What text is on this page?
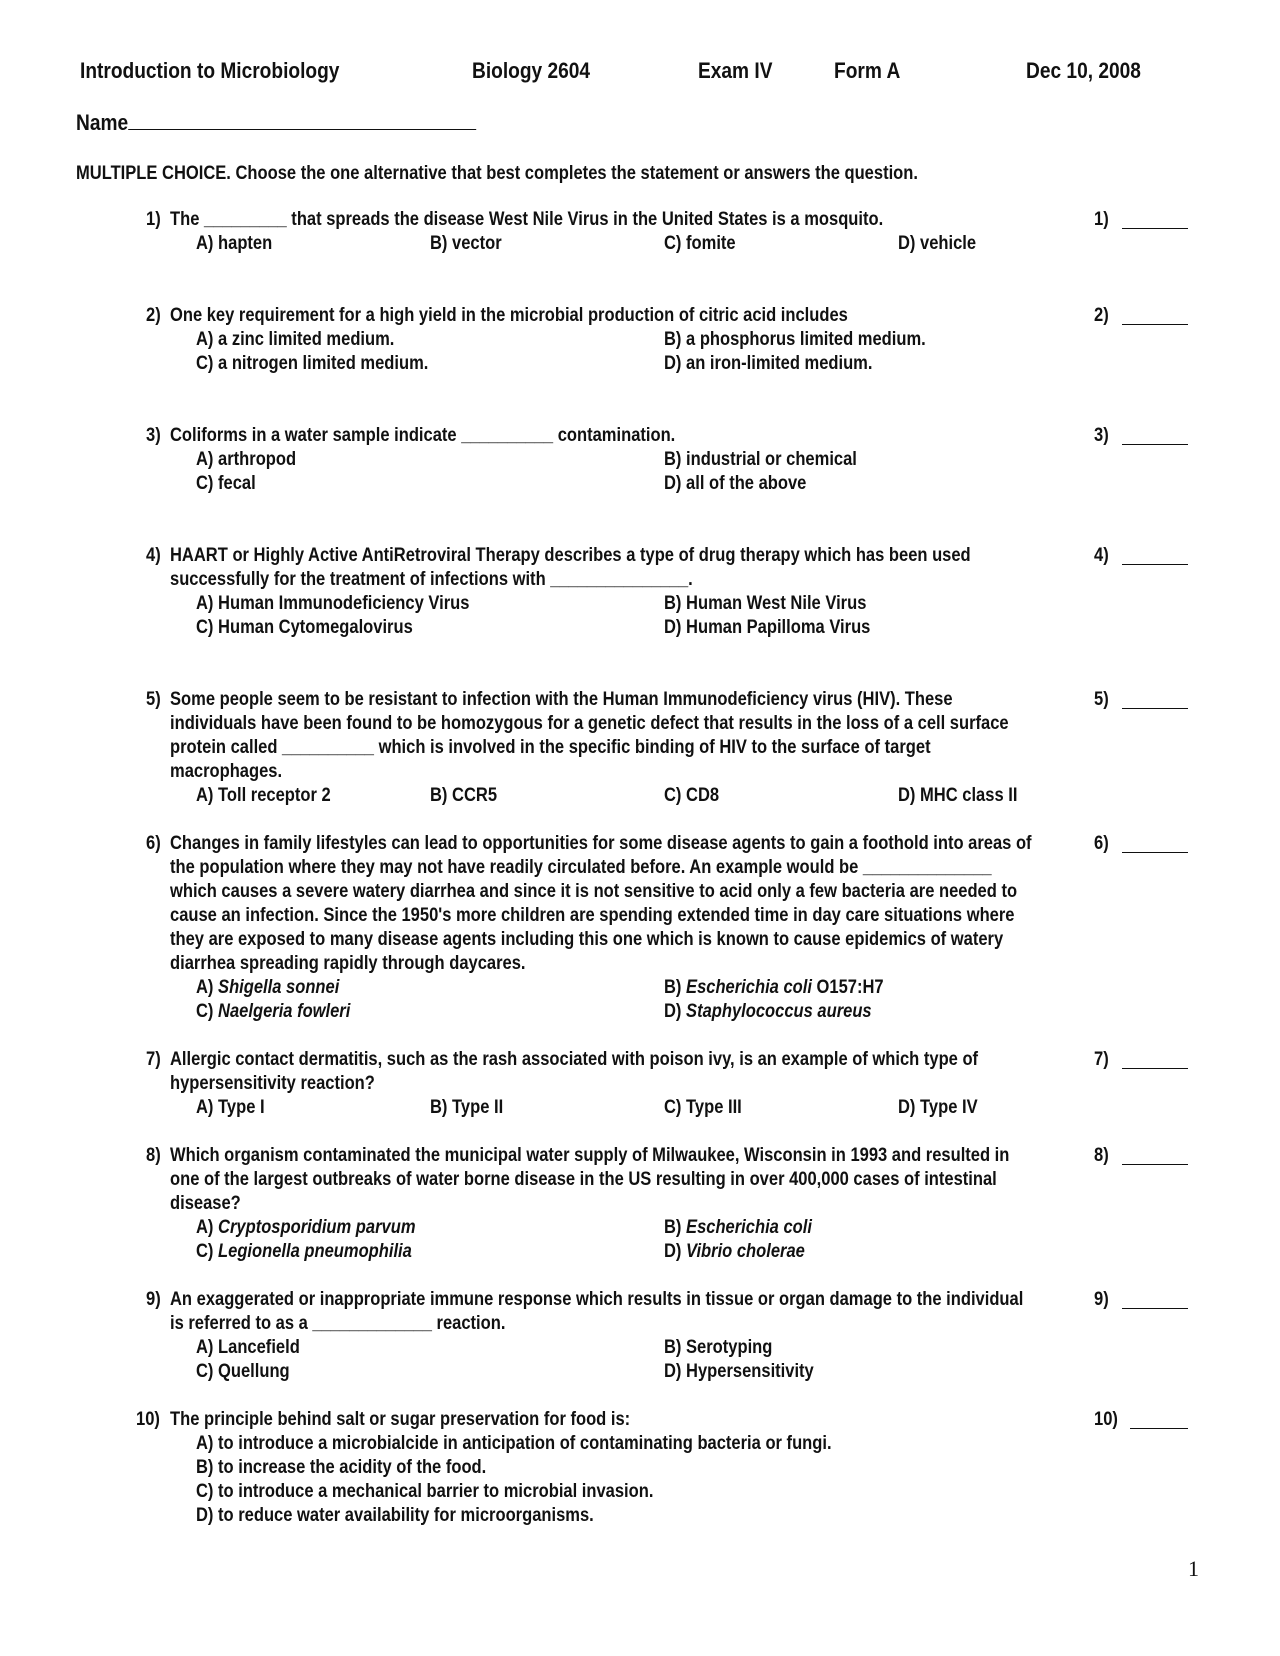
Introduction to Microbiology	Biology 2604	Exam IV	Form A	Dec 10, 2008
Name
MULTIPLE CHOICE. Choose the one alternative that best completes the statement or answers the question.
1) The _________ that spreads the disease West Nile Virus in the United States is a mosquito.
A) hapten	B) vector	C) fomite	D) vehicle
1)
2) One key requirement for a high yield in the microbial production of citric acid includes
A) a zinc limited medium.	B) a phosphorus limited medium.
C) a nitrogen limited medium.	D) an iron-limited medium.
2)
3) Coliforms in a water sample indicate __________ contamination.
A) arthropod	B) industrial or chemical
C) fecal	D) all of the above
3)
4) HAART or Highly Active AntiRetroviral Therapy describes a type of drug therapy which has been used
successfully for the treatment of infections with _______________.
A) Human Immunodeficiency Virus	B) Human West Nile Virus
C) Human Cytomegalovirus	D) Human Papilloma Virus
4)
5) Some people seem to be resistant to infection with the Human Immunodeficiency virus (HIV). These
individuals have been found to be homozygous for a genetic defect that results in the loss of a cell surface
protein called __________ which is involved in the specific binding of HIV to the surface of target
macrophages.
A) Toll receptor 2	B) CCR5	C) CD8	D) MHC class II
5)
6) Changes in family lifestyles can lead to opportunities for some disease agents to gain a foothold into areas of
the population where they may not have readily circulated before. An example would be ______________
which causes a severe watery diarrhea and since it is not sensitive to acid only a few bacteria are needed to
cause an infection. Since the 1950's more children are spending extended time in day care situations where
they are exposed to many disease agents including this one which is known to cause epidemics of watery
diarrhea spreading rapidly through daycares.
A) Shigella sonnei	B) Escherichia coli O157:H7
C) Naelgeria fowleri	D) Staphylococcus aureus
6)
7) Allergic contact dermatitis, such as the rash associated with poison ivy, is an example of which type of
hypersensitivity reaction?
A) Type I	B) Type II	C) Type III	D) Type IV
7)
8) Which organism contaminated the municipal water supply of Milwaukee, Wisconsin in 1993 and resulted in
one of the largest outbreaks of water borne disease in the US resulting in over 400,000 cases of intestinal
disease?
A) Cryptosporidium parvum	B) Escherichia coli
C) Legionella pneumophilia	D) Vibrio cholerae
8)
9) An exaggerated or inappropriate immune response which results in tissue or organ damage to the individual
is referred to as a _____________ reaction.
A) Lancefield	B) Serotyping
C) Quellung	D) Hypersensitivity
9)
10) The principle behind salt or sugar preservation for food is:
A) to introduce a microbialcide in anticipation of contaminating bacteria or fungi.
B) to increase the acidity of the food.
C) to introduce a mechanical barrier to microbial invasion.
D) to reduce water availability for microorganisms.
10)
1
